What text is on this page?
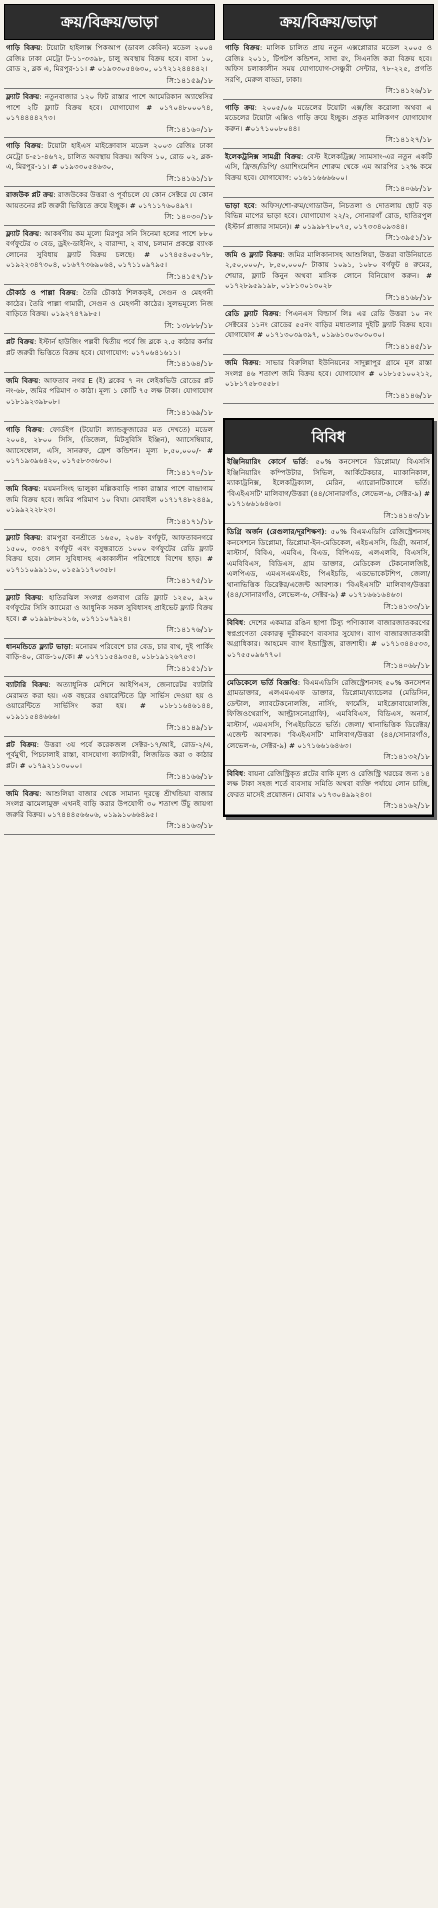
ক্রয়/বিক্রয়/ভাড়া

গাড়ি বিক্রয়: টয়োটা হাইলাক্স পিকআপ (ডাবল কেবিন) মডেল ২০০৪ রেজিঃ ঢাকা মেট্রো ট-১১-৩৩৯৮, চালু অবস্থায় বিক্রয় হবে। বাসা ১০, রোড ২, ব্লক এ, মিরপুর-১১। # ০১৯৩৩০৫৪৬৩০, ০১৭২১২৪৪৪৪২।

সি:১৪১৫৯/১৮

ফ্ল্যাট বিক্রয়: নতুনবাজার ১২০ ফিট রাস্তার পাশে আমেরিকান অ্যাম্বেসির পাশে ২টি ফ্ল্যাট বিক্রয় হবে। যোগাযোগ # ০১৭০৪৮০০০৭৪, ০১৭৪৪৪৪২৭৩।

সি:১৪১৬০/১৮

গাড়ি বিক্রয়: টয়োটা হাইএস মাইক্রোবাস মডেল ২০০৩ রেজিঃ ঢাকা মেট্রো চ-৫১-৪৬৭২, চালিত অবস্থায় বিক্রয়। অফিস ১০, রোড ০২, ব্লক-এ, মিরপুর-১১। # ০১৯৩৩০৫৪৬৩০,

সি:১৪১৬১/১৮

রাজউক প্লট ক্রয়: রাজউকের উত্তরা ও পূর্বাচলে যে কোন সেক্টরে যে কোন আয়তনের প্লট জরুরী ভিত্তিতে ক্রয়ে ইচ্ছুক। # ০১৭১১৭৬০৪৯৭।

সি: ১৪০৩০/১৮

ফ্ল্যাট বিক্রয়: আকর্ষণীয় কম মূল্যে মিরপুর সনি সিনেমা হলের পাশে ৮৮০ বর্গফুটের ৩ বেড, ড্রইং-ডাইনিং, ২ বারান্দা, ২ বাথ, চলমান প্রকল্পে ব্যাংক লোনের সুবিধায় ফ্ল্যাট বিক্রয় চলছে। # ০১৭৪৫৪০৫০৭৮, ০১৯২২৩৪৭৩০৪, ০১৬৭৭৩৬৯০৬৪, ০১৭১১০৯৭৯৫।

সি:১৪১৫৭/১৮

চৌকাঠ ও পাল্লা বিক্রয়: তৈরি চৌকাঠ শিলকড়ই, সেগুন ও মেহগনী কাঠের। তৈরি পাল্লা গামারী, সেগুন ও মেহগনী কাঠের। সুলভমূল্যে নিজ বাড়িতে বিক্রয়। ০১৯২৭৪৭৯৮৫।

সি: ১৩৮৮৮/১৮

প্লট বিক্রয়: ইস্টার্ন হাউজিং পল্লবী দ্বিতীয় পর্বে জি ব্লকে ২.৫ কাঠার কর্নার প্লট জরুরী ভিত্তিতে বিক্রয় হবে। যোগাযোগ: ০১৭০৬৪১৬১১।

সি:১৪১৬৪/১৮

জমি বিক্রয়: আফতাব নগর E (ই) ব্লকের ৭ নং লেইকভিউ রোডের প্লট নং-৬৮, জমির পরিমাণ ৩ কাঠা। মূল্য ১ কোটি ৭৫ লক্ষ টাকা। যোগাযোগ ০১৮১৯২৩৯৮০৮।

সি:১৪১৬৯/১৮

গাড়ি বিক্রয়: ফোর্ডইপ (টয়োটা ল্যান্ডক্রুজারের মত দেখতে) মডেল ২০০৪, ২৮০০ সিসি, (ডিজেল, মিটসুবিসি ইঞ্জিন), অ্যাসেম্বিয়ার, অ্যাসেম্বোল, এসি, সানরুফ, ফ্রেশ কন্ডিশন। মূল্য ৮,৫০,০০০/- # ০১৭১৯৩৯৬৪২০, ০১৭৫৮৩৩৬৩০।

সি:১৪১৭০/১৮

জমি বিক্রয়: ময়মনসিংহ ভালুকা মল্লিকবাড়ি পাকা রাস্তার পাশে বান্দ্রাগাম জমি বিক্রয় হবে। জমির পরিমাণ ১০ বিঘা। মোবাইল ০১৭১৭৪৮২৪৪৯, ০১৯৯২২২৮২৩।

সি:১৪১৭১/১৮

ফ্ল্যাট বিক্রয়: রামপুরা বনশ্রীতে ১৬৫০, ২০৪৮ বর্গফুট, আফতাবনগরে ১৫০০, ৩৩৪৭ বর্গফুট এবং বসুন্ধরাতে ১০০০ বর্গফুটের রেডি ফ্ল্যাট বিক্রয় হবে। লোন সুবিধাসহ একাকালীন পরিশোধে বিশেষ ছাড়। # ০১৭১১০৯৯১১০, ০১৫৯১১৭০৩৫৮।

সি:১৪১৭৫/১৮

ফ্ল্যাট বিক্রয়: হাতিরঝিল সংলগ্ন গুলবাগ রেডি ফ্ল্যাট ১২৫০, ৯২০ বর্গফুটের সিসি ক্যামেরা ও আধুনিক সকল সুবিধাসহ প্রাইভেট ফ্ল্যাট বিক্রয় হবে। # ০১৯৯৮৬০২১৬, ০১৭১১০৭৯২৪।

সি:১৪১৭৬/১৮

ধানমন্ডিতে ফ্ল্যাট ভাড়া: মনোরম পরিবেশে চার বেড, চার বাথ, দুই পার্কিং বাড়ি-৪০, রোড-১০/কে। # ০১৭১১৫৪৯৩৫৪, ০১৮১৯১২৬৭৫৩।

সি:১৪১৫১/১৮

ব্যাটারি বিক্রয়: অত্যাধুনিক মেশিনে আইপিএস, জেনারেটর ব্যাটারি মেরামত করা হয়। এক বছরের ওয়ারেন্টিতে ফ্রি সার্ভিস দেওয়া হয় ও ওয়ারেন্টিতে সার্ভিসিং করা হয়। # ০১৮১১৬৪৬১৪৪, ০১৯১১৫৪৪৬৬৬।

সি:১৪১৪৯/১৮

প্লট বিক্রয়: উত্তরা ৩য় পর্বে করেকজল সেক্টর-১৭/আই, রোড-২/এ, পূর্বমুখী, পিচঢালাই রাস্তা, বাসযোগ্য ক্যাটাগরী, লিজডিড করা ৩ কাঠার প্লট। # ০১৭৯২১১৩০০০।

সি:১৪১৬৬/১৮

জমি বিক্রয়: আশুলিয়া বাজার থেকে সামান্য দূরত্বে শ্রীখন্ডিয়া বাজার সংলগ্ন ঝামেলামুক্ত এখনই বাড়ি করার উপযোগী ৩০ শতাংশ উঁচু জায়গা জরুরি বিক্রয়। ০১৭৪৪৪৫৬৬০৬, ০১৯৯১০৬৬৪৯৫।

সি:১৪১৬৩/১৮
ক্রয়/বিক্রয়/ভাড়া

গাড়ি বিক্রয়: মালিক চালিত প্রায় নতুন এক্সপ্লোরার মডেল ২০০৫ ও রেজিঃ ২০১১, টিপটপ কন্ডিশন, সাদা রং, সিএনজি করা বিক্রয় হবে। অফিস চলাকালীন সময় যোগাযোগ-সেঞ্চুরী সেন্টার, ৭৮-২২৫, প্রগতি সরণি, মেরুল বাড্ডা, ঢাকা।

সি:১৪১২৬/১৮

গাড়ি ক্রয়: ২০০৫/০৬ মডেলের টয়োটা এক্স/জি করোলা অথবা এ মডেলের টয়োটা এক্সিও গাড়ি ক্রয়ে ইচ্ছুক। প্রকৃত মালিকগণ যোগাযোগ করুন। #০১৭১০০৮০৪৪।

সি:১৪১২৭/১৮

ইলেকট্রনিক্স সামগ্রী বিক্রয়: বেস্ট ইলেকট্রিক্স/ স্যামসাং-এর নতুন একটি এসি, ফ্রিজ/ডিপি/ ওয়াশিংমেশিন শোরুম থেকে এম আরপির ১২% কমে বিক্রয় হবে। যোগাযোগ: ০১৬১১৬৬৬৬০০।

সি:১৪০৬৮/১৮

ভাড়া হবে: অফিস/শো-রুম/গোডাউন, নিচতলা ও দোতলায় ছোট বড় বিভিন্ন মাপের ভাড়া হবে। যোগাযোগ ২২/২, সোনারগাঁ রোড, হাতিরপুল (ইস্টার্ন প্লাজার সামনে)। # ০১৯৯৮৭৮০৭৫, ০১৭৩৩৪০৯৩৪৪।

সি:১৩৯৫১/১৮

জমি ও ফ্ল্যাট বিক্রয়: জমির মালিকানাসহ আশুলিয়া, উত্তরা বাউনিয়াতে ২,৫০,০০০/-, ৮,৫০,০০০/- টাকায় ১০৯১, ১০৮০ বর্গফুট ৪ রুমের, শেয়ার, ফ্ল্যাট কিনুন অথবা মাসিক লোনে বিনিয়োগ করুন। # ০১৭২৮৯৫৯১৯৮, ০১৮১৩০১৩০২৮

সি:১৪১৬৮/১৮

রেডি ফ্ল্যাট বিক্রয়: পিএনএস বিল্ডার্স লিঃ এর রেডি উত্তরা ১০ নং সেক্টরের ১১নং রোডের ৫৫নং বাড়ির মধ্যতলার দুইটি ফ্ল্যাট বিক্রয় হবে। যোগাযোগ # ০১৭১৩০৩৯৩৯৭, ০১৯৬১৩০৩০৩০৩০।

সি:১৪১৪৫/১৮

জমি বিক্রয়: সাভার বিরুলিয়া ইউনিয়নের সাদুল্লাপুর গ্রামে মূল রাস্তা সংলগ্ন ৪৬ শতাংশ জমি বিক্রয় হবে। যোগাযোগ # ০১৮১৫১০০২১২, ০১৮১৭৫৮৩৫৫৮।

সি:১৪১৪৬/১৮
বিবিধ

ইঞ্জিনিয়ারিং কোর্সে ভর্তি: ৫০% কনসেশনে ডিপ্লোমা/ বিএসসি ইঞ্জিনিয়ারিং কম্পিউটার, সিভিল, আর্কিটেকচার, ম্যাকানিকাল, ম্যাকাট্রনিক্স, ইলেকট্রিক্যাল, মেরিন, এ্যারোনটিক্যালে ভর্তি। 'বিএইএসটি' মালিবাগ/উত্তরা (৪৪/সোনারগাঁও, লেভেল-৬, সেক্টর-৯) # ০১৭১৬৬১৬৪৬৩।

সি:১৪১৪৩/১৮

ডিগ্রি অর্জন (রেগুলার/দূরশিক্ষণ): ৫০% বিএমএডিসি রেজিস্ট্রেশনসহ কনসেশনে ডিপ্লোমা, ডিপ্লোমা-ইন-মেডিকেল, এইচএসসি, ডিগ্রী, অনার্স, মাস্টার্স, বিবিএ, এমবিএ, বিএড, বিপিএড, এলএলবি, বিএসসি, এমবিবিএস, বিডিএস, গ্রাম ডাক্তার, মেডিকেল টেকনোলজিষ্ট, এলপিএড, এমএসএমএইচ, পিএইচডি, এডভোকেটশিপ, জেলা/থানাভিত্তিক ডিরেক্টর/এজেন্ট আবশ্যক। 'বিএইএসটি' মালিবাগ/উত্তরা (৪৪/সোনারগাঁও, লেভেল-৬, সেক্টর-৯) # ০১৭১৬৬১৬৪৬৩।

সি:১৪১৩৩/১৮

বিবিধ: দেশের একমাত্র রঙিন ছাপা টিস্যু পণ্যিক্যাল বাজারজাতকরণের স্বপ্নপ্রণেতা বেকারত্ব দূরীকরণে ব্যবসার সুযোগ। ব্যাগ বাজারজাতকারী অগ্রাধিকার। আহমেদ ব্যাগ ইন্ডাস্ট্রিজ, রাজশাহী। # ০১৭১৩৪৪৫৩৩, ০১৭৫৫০৯৬৭৭০।

সি:১৪০৬৮/১৮

মেডিকেলে ভর্তি বিজ্ঞপ্তি: বিএমএডিসি রেজিস্ট্রেশনসহ ৫০% কনসেশন গ্রামডাক্তার, এলএমএএফ ডাক্তার, ডিপ্লোমা/ব্যাচেলর (মেডিসিন, ডেন্টাল, ল্যাবটেকনোলজি, নার্সিং, ফার্মেসি, মাইক্রোবায়োলজি, ফিজিওথেরাপি, আল্ট্রাসনোগ্রাফি), এমবিবিএস, বিডিএস, অনার্স, মাস্টার্স, এমএসসি, পিএইচডিতে ভর্তি। জেলা/ থানাভিত্তিক ডিরেক্টর/এজেন্ট আবশ্যক। 'বিএইএসটি' মালিবাগ/উত্তরা (৪৪/সোনারগাঁও, লেভেল-৬, সেক্টর-৯) # ০১৭১৬৬১৬৪৬৩।

সি:১৪১৩২/১৮

বিবিধ: বায়না রেজিস্ট্রিকৃত প্লটের বাকি মূল্য ও রেজিস্ট্রি খরচের জন্য ১৪ লক্ষ টাকা সহজ শর্তে ব্যবসায় সমিতি অথবা ব্যক্তি পর্যায়ে লোন চাচ্ছি, ফেরত মাসেই প্রয়োজন। মোবাঃ ০১৭৩০৪৯৯২৪৩।

সি:১৪১৬২/১৮
